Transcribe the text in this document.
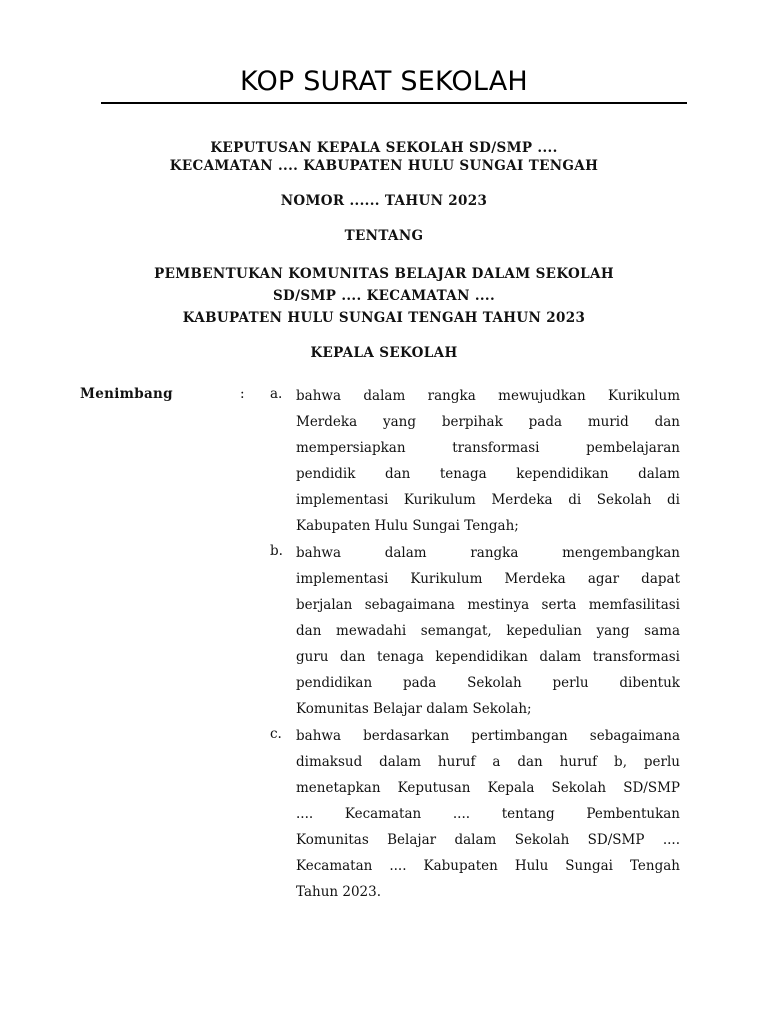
KOP SURAT SEKOLAH
KEPUTUSAN KEPALA SEKOLAH SD/SMP ....
KECAMATAN .... KABUPATEN HULU SUNGAI TENGAH
NOMOR ...... TAHUN 2023
TENTANG
PEMBENTUKAN KOMUNITAS BELAJAR DALAM SEKOLAH
SD/SMP .... KECAMATAN ....
KABUPATEN HULU SUNGAI TENGAH TAHUN 2023
KEPALA SEKOLAH
Menimbang	: a. bahwa dalam rangka mewujudkan Kurikulum
Merdeka yang berpihak pada murid dan
mempersiapkan transformasi pembelajaran
pendidik dan tenaga kependidikan dalam
implementasi Kurikulum Merdeka di Sekolah di
Kabupaten Hulu Sungai Tengah;
b. bahwa dalam rangka mengembangkan
implementasi Kurikulum Merdeka agar dapat
berjalan sebagaimana mestinya serta memfasilitasi
dan mewadahi semangat, kepedulian yang sama
guru dan tenaga kependidikan dalam transformasi
pendidikan pada Sekolah perlu dibentuk
Komunitas Belajar dalam Sekolah;
c. bahwa berdasarkan pertimbangan sebagaimana
dimaksud dalam huruf a dan huruf b, perlu
menetapkan Keputusan Kepala Sekolah SD/SMP
.... Kecamatan .... tentang Pembentukan
Komunitas Belajar dalam Sekolah SD/SMP ....
Kecamatan .... Kabupaten Hulu Sungai Tengah
Tahun 2023.
